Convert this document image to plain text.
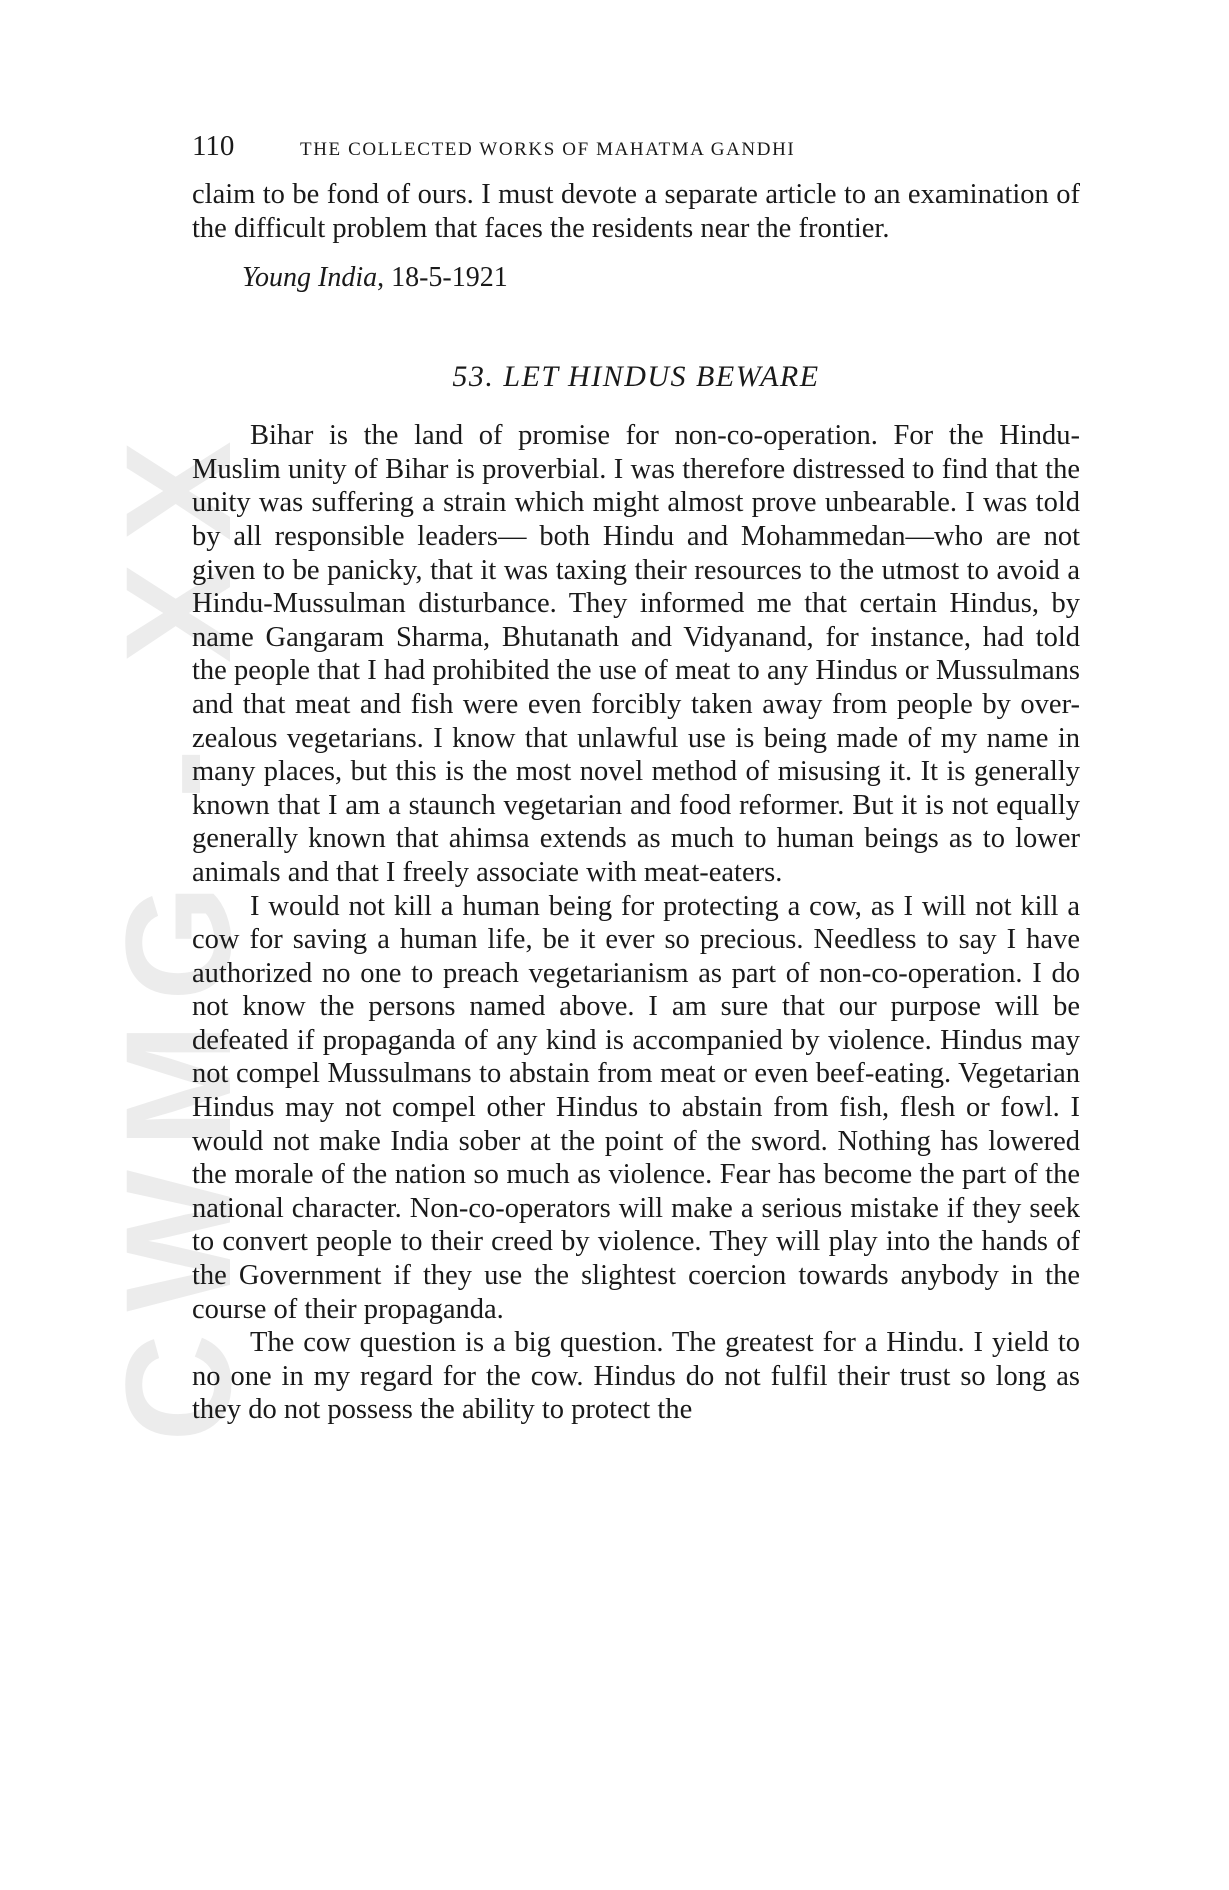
CWMG - XX
110	THE COLLECTED WORKS OF MAHATMA GANDHI

claim to be fond of ours. I must devote a separate article to an examination of the difficult problem that faces the residents near the frontier.

Young India, 18-5-1921
53. LET HINDUS BEWARE

Bihar is the land of promise for non-co-operation. For the Hindu-Muslim unity of Bihar is proverbial. I was therefore distressed to find that the unity was suffering a strain which might almost prove unbearable. I was told by all responsible leaders— both Hindu and Mohammedan—who are not given to be panicky, that it was taxing their resources to the utmost to avoid a Hindu-Mussulman disturbance. They informed me that certain Hindus, by name Gangaram Sharma, Bhutanath and Vidyanand, for instance, had told the people that I had prohibited the use of meat to any Hindus or Mussulmans and that meat and fish were even forcibly taken away from people by over-zealous vegetarians. I know that unlawful use is being made of my name in many places, but this is the most novel method of misusing it. It is generally known that I am a staunch vegetarian and food reformer. But it is not equally generally known that ahimsa extends as much to human beings as to lower animals and that I freely associate with meat-eaters.

I would not kill a human being for protecting a cow, as I will not kill a cow for saving a human life, be it ever so precious. Needless to say I have authorized no one to preach vegetarianism as part of non-co-operation. I do not know the persons named above. I am sure that our purpose will be defeated if propaganda of any kind is accompanied by violence. Hindus may not compel Mussulmans to abstain from meat or even beef-eating. Vegetarian Hindus may not compel other Hindus to abstain from fish, flesh or fowl. I would not make India sober at the point of the sword. Nothing has lowered the morale of the nation so much as violence. Fear has become the part of the national character. Non-co-operators will make a serious mistake if they seek to convert people to their creed by violence. They will play into the hands of the Government if they use the slightest coercion towards anybody in the course of their propaganda.

The cow question is a big question. The greatest for a Hindu. I yield to no one in my regard for the cow. Hindus do not fulfil their trust so long as they do not possess the ability to protect the
